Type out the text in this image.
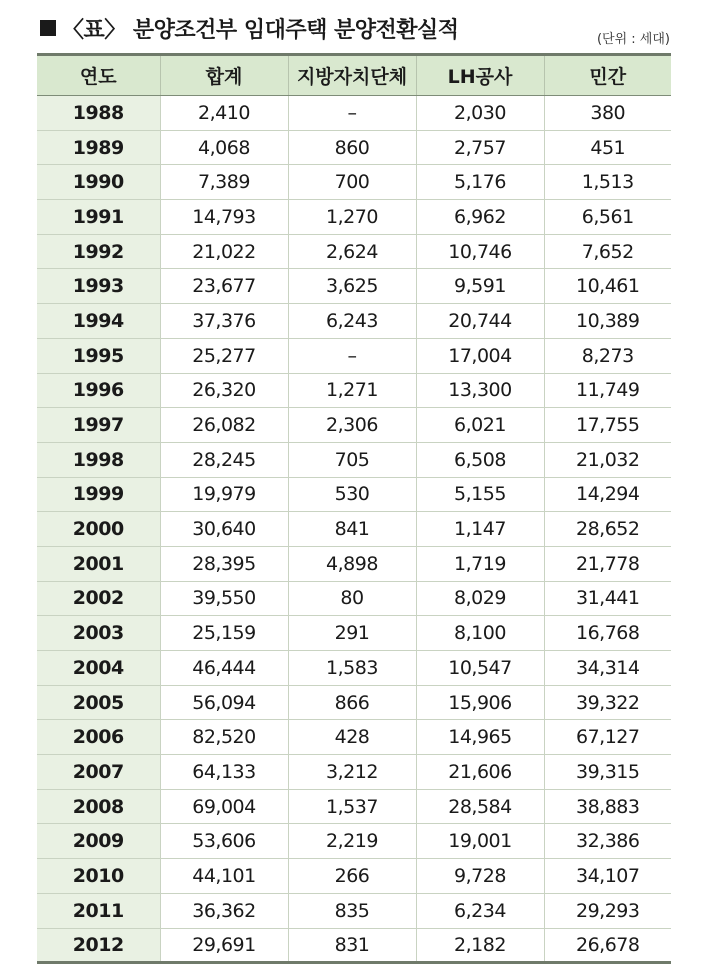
〈표〉 분양조건부 임대주택 분양전환실적	(단위 : 세대)
연도	합계	지방자치단체	LH공사	민간
1988	2,410	–	2,030	380
1989	4,068	860	2,757	451
1990	7,389	700	5,176	1,513
1991	14,793	1,270	6,962	6,561
1992	21,022	2,624	10,746	7,652
1993	23,677	3,625	9,591	10,461
1994	37,376	6,243	20,744	10,389
1995	25,277	–	17,004	8,273
1996	26,320	1,271	13,300	11,749
1997	26,082	2,306	6,021	17,755
1998	28,245	705	6,508	21,032
1999	19,979	530	5,155	14,294
2000	30,640	841	1,147	28,652
2001	28,395	4,898	1,719	21,778
2002	39,550	80	8,029	31,441
2003	25,159	291	8,100	16,768
2004	46,444	1,583	10,547	34,314
2005	56,094	866	15,906	39,322
2006	82,520	428	14,965	67,127
2007	64,133	3,212	21,606	39,315
2008	69,004	1,537	28,584	38,883
2009	53,606	2,219	19,001	32,386
2010	44,101	266	9,728	34,107
2011	36,362	835	6,234	29,293
2012	29,691	831	2,182	26,678
